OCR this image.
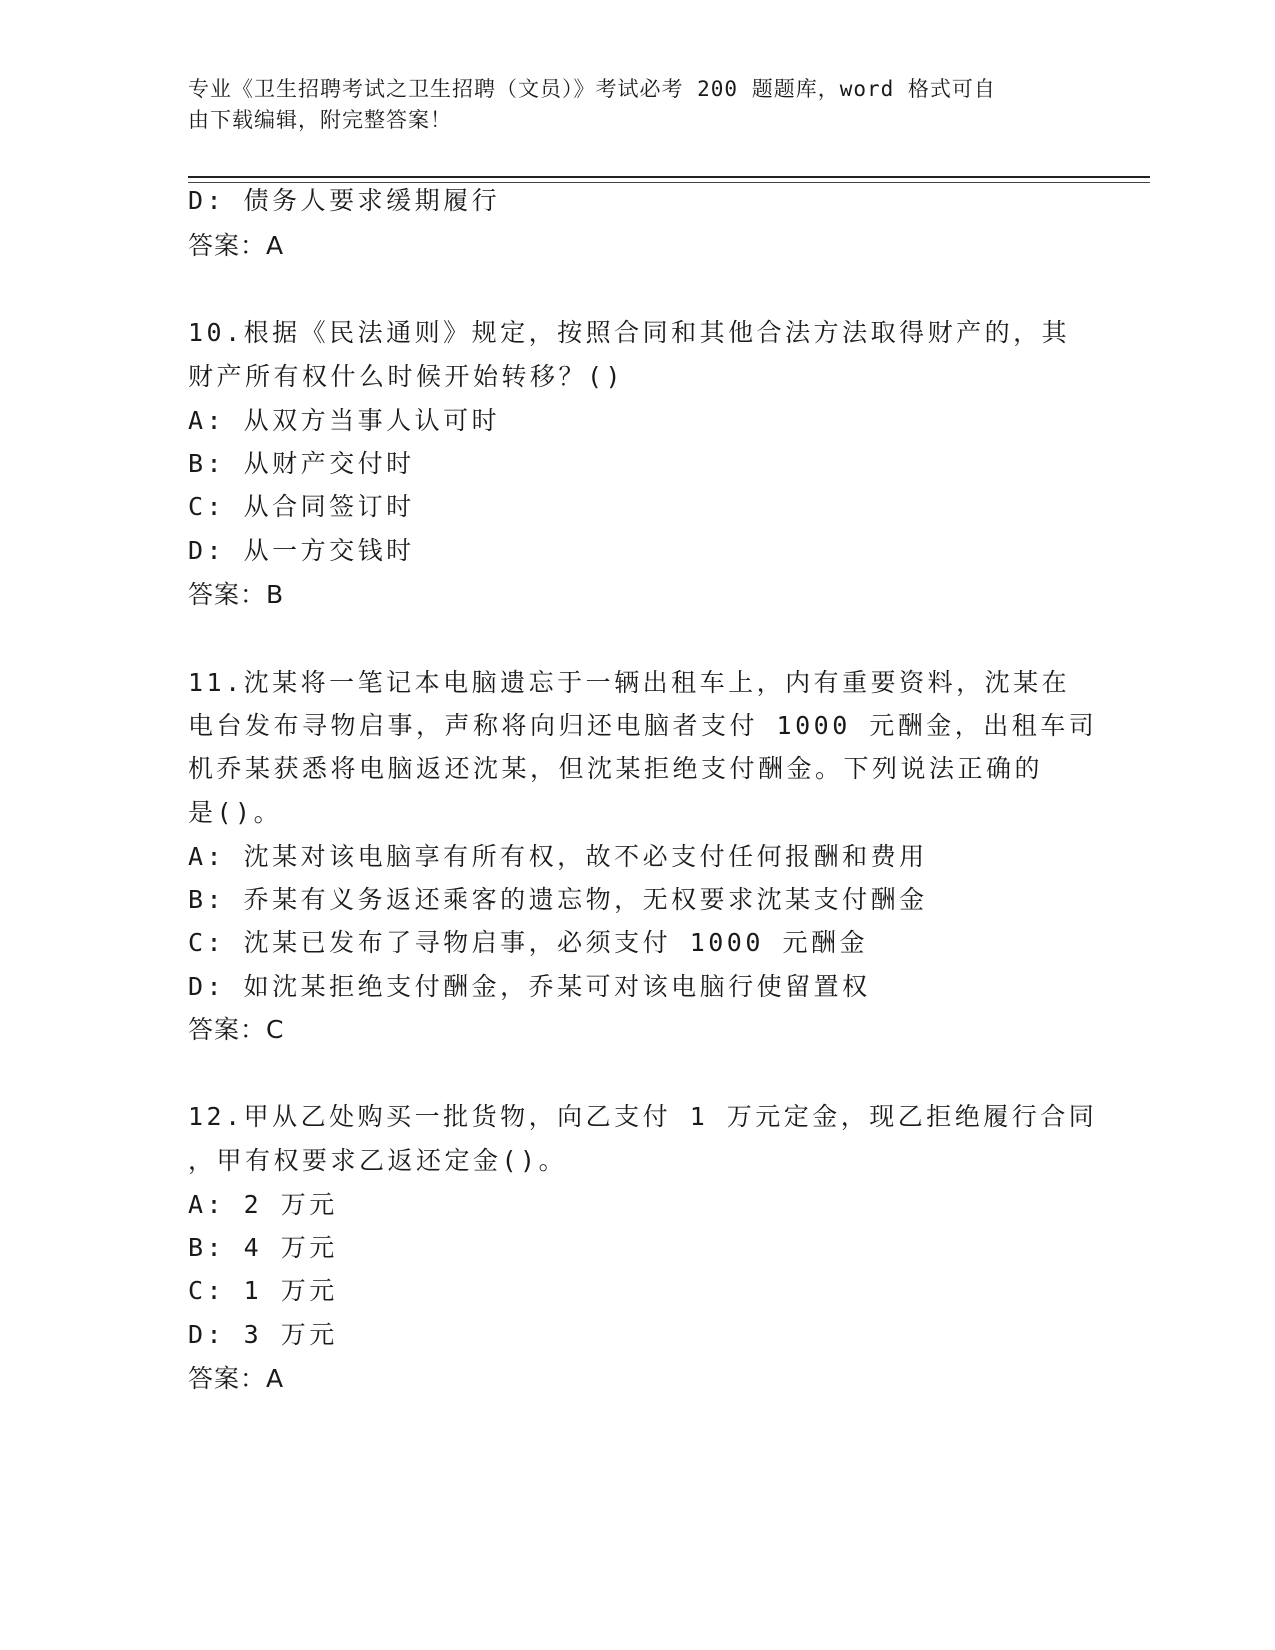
专业《卫生招聘考试之卫生招聘（文员）》考试必考 200 题题库，word 格式可自
由下载编辑，附完整答案！
D: 债务人要求缓期履行
答案：A
10.根据《民法通则》规定，按照合同和其他合法方法取得财产的，其
财产所有权什么时候开始转移？()
A: 从双方当事人认可时
B: 从财产交付时
C: 从合同签订时
D: 从一方交钱时
答案：B
11.沈某将一笔记本电脑遗忘于一辆出租车上，内有重要资料，沈某在
电台发布寻物启事，声称将向归还电脑者支付 1000 元酬金，出租车司
机乔某获悉将电脑返还沈某，但沈某拒绝支付酬金。下列说法正确的
是()。
A: 沈某对该电脑享有所有权，故不必支付任何报酬和费用
B: 乔某有义务返还乘客的遗忘物，无权要求沈某支付酬金
C: 沈某已发布了寻物启事，必须支付 1000 元酬金
D: 如沈某拒绝支付酬金，乔某可对该电脑行使留置权
答案：C
12.甲从乙处购买一批货物，向乙支付 1 万元定金，现乙拒绝履行合同
，甲有权要求乙返还定金()。
A: 2 万元
B: 4 万元
C: 1 万元
D: 3 万元
答案：A
